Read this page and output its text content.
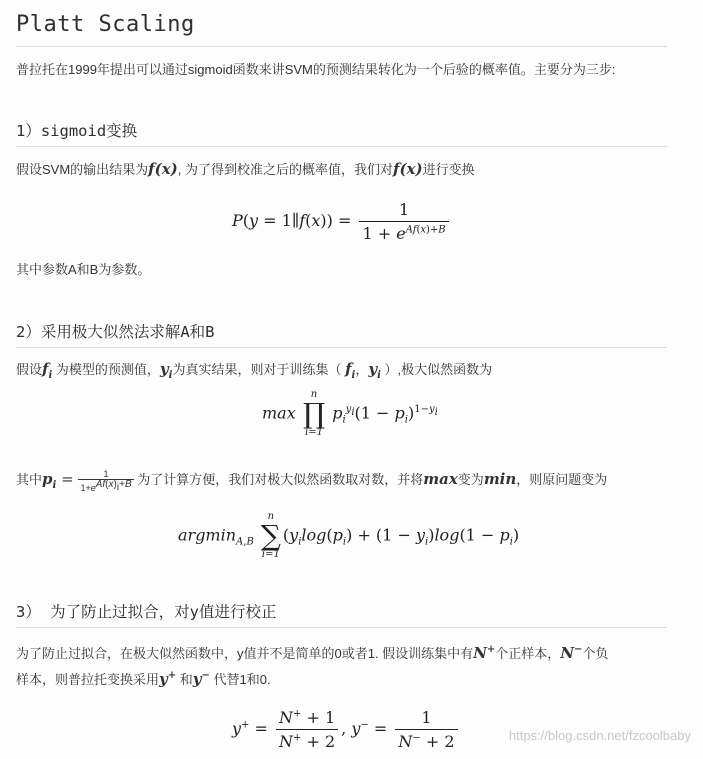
Platt Scaling
普拉托在1999年提出可以通过sigmoid函数来讲SVM的预测结果转化为一个后验的概率值。主要分为三步:
1）sigmoid变换
假设SVM的输出结果为f(x), 为了得到校准之后的概率值，我们对f(x)进行变换
P(y = 1∥f(x)) = $\frac{1}{1 + e^{Af(x)+B}}$
其中参数A和B为参数。
2）采用极大似然法求解A和B
假设$f_i$ 为模型的预测值，$y_i$为真实结果，则对于训练集（ $f_i$，$y_i$ ）,极大似然函数为
max
n
∏
i=1
$p_i^{y_i}(1 - p_i)^{1-y_i}$
其中$p_i = \frac{1}{1+e^{Af(x)_i+B}}$ 为了计算方便，我们对极大似然函数取对数，并将max变为min，则原问题变为
argmin$_{A,B}$
n
∑
i=1
($y_i\log(p_i) + (1 - y_i)\log(1 - p_i)$
3） 为了防止过拟合，对y值进行校正
为了防止过拟合，在极大似然函数中，y值并不是简单的0或者1. 假设训练集中有N+个正样本，N−个负
样本，则普拉托变换采用y+ 和y− 代替1和0.
$y^+ = \frac{N^+ + 1}{N^+ + 2}$ , $y^- = \frac{1}{N^- + 2}$	https://blog.csdn.net/fzcoolbaby
